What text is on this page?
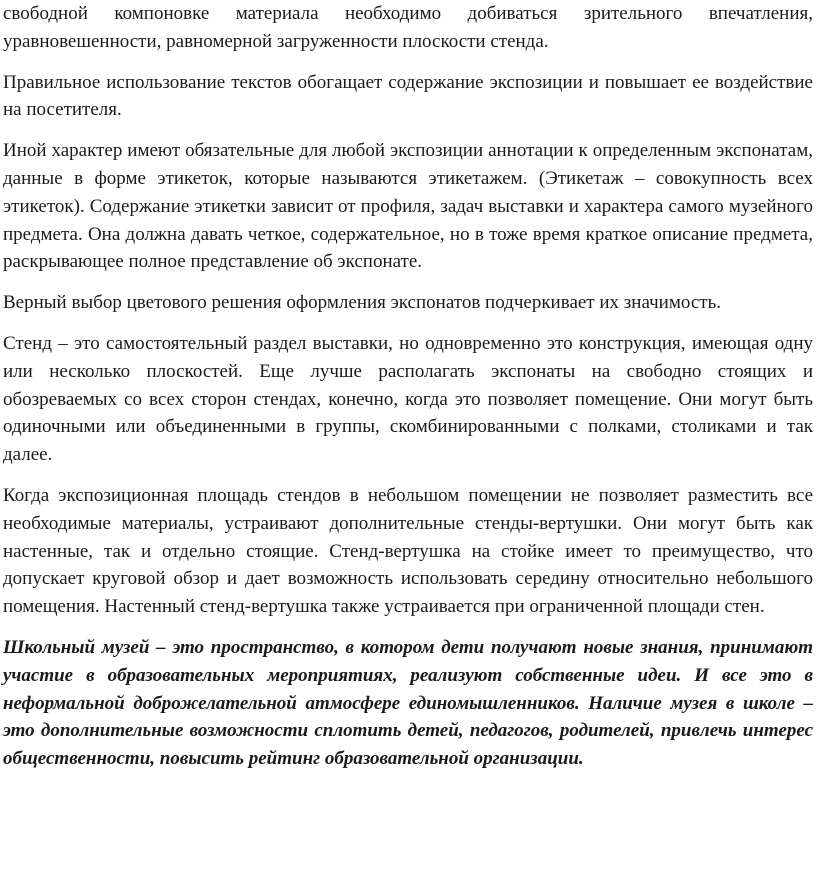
свободной компоновке материала необходимо добиваться зрительного впечатления, уравновешенности, равномерной загруженности плоскости стенда.

Правильное использование текстов обогащает содержание экспозиции и повышает ее воздействие на посетителя.

Иной характер имеют обязательные для любой экспозиции аннотации к определенным экспонатам, данные в форме этикеток, которые называются этикетажем. (Этикетаж – совокупность всех этикеток). Содержание этикетки зависит от профиля, задач выставки и характера самого музейного предмета. Она должна давать четкое, содержательное, но в тоже время краткое описание предмета, раскрывающее полное представление об экспонате.

Верный выбор цветового решения оформления экспонатов подчеркивает их значимость.

Стенд – это самостоятельный раздел выставки, но одновременно это конструкция, имеющая одну или несколько плоскостей. Еще лучше располагать экспонаты на свободно стоящих и обозреваемых со всех сторон стендах, конечно, когда это позволяет помещение. Они могут быть одиночными или объединенными в группы, скомбинированными с полками, столиками и так далее.

Когда экспозиционная площадь стендов в небольшом помещении не позволяет разместить все необходимые материалы, устраивают дополнительные стенды-вертушки. Они могут быть как настенные, так и отдельно стоящие. Стенд-вертушка на стойке имеет то преимущество, что допускает круговой обзор и дает возможность использовать середину относительно небольшого помещения. Настенный стенд-вертушка также устраивается при ограниченной площади стен.

Школьный музей – это пространство, в котором дети получают новые знания, принимают участие в образовательных мероприятиях, реализуют собственные идеи. И все это в неформальной доброжелательной атмосфере единомышленников. Наличие музея в школе – это дополнительные возможности сплотить детей, педагогов, родителей, привлечь интерес общественности, повысить рейтинг образовательной организации.
